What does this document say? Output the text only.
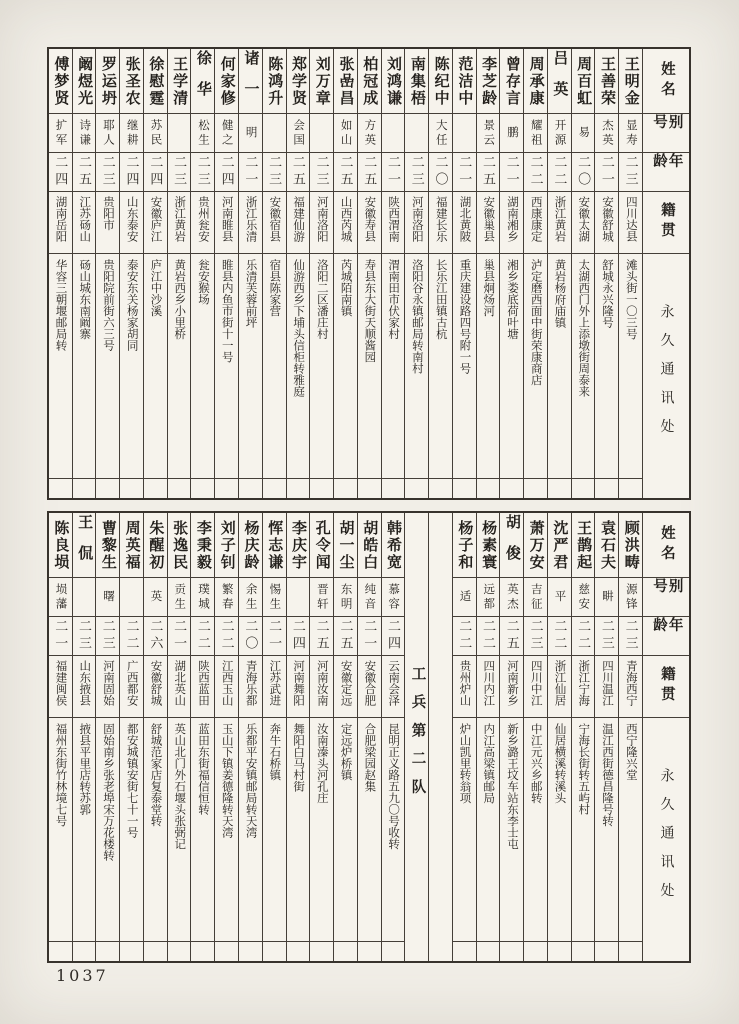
姓名
别号
年龄
籍贯
永久通讯处
王明金
显寿
二三
四川达县
滩头街一〇三号
王善荣
杰英
二一
安徽舒城
舒城永兴隆号
周百虹
易
二〇
安徽太湖
太湖西门外上添墩街周泰来
吕英
开源
二二
浙江黄岩
黄岩杨府庙镇
周承康
耀祖
二二
西康康定
泸定磨西面中街荣康商店
曾存言
鹏
二一
湖南湘乡
湘乡娄底荷叶塘
李芝龄
景云
二五
安徽巢县
巢县炯炀河
范洁中
二一
湖北黄陂
重庆建设路四号附一号
陈纪中
大任
二〇
福建长乐
长乐江田镇古杭
南集梧
二三
河南洛阳
洛阳谷永镇邮局转南村
刘鸿谦
二一
陕西渭南
渭南田市伏家村
柏冠成
方英
二五
安徽寿县
寿县东大街天顺酱园
张嵒昌
如山
二五
山西芮城
芮城陌南镇
刘万章
二三
河南洛阳
洛阳二区潘庄村
郑学贤
会国
二五
福建仙游
仙游西乡下埔头信柜转雅庭
陈鸿升
二三
安徽宿县
宿县陈家营
诸一
明
二一
浙江乐清
乐清芙蓉前坪
何家修
健之
二四
河南睢县
睢县内鱼市街十一号
徐华
松生
二三
贵州瓮安
瓮安猴场
王学清
二三
浙江黄岩
黄岩西乡小里桥
徐慰霆
苏民
二四
安徽庐江
庐江中沙溪
张圣农
继耕
二四
山东泰安
泰安东关杨家胡同
罗运坍
耶人
二三
贵阳市
贵阳院前街六三号
阚煜光
诗谦
二五
江苏砀山
砀山城东南阚寨
傅梦贤
扩军
二四
湖南岳阳
华容三朝堰邮局转
姓名
别号
年龄
籍贯
永久通讯处
顾洪畴
源锋
二三
青海西宁
西宁隆兴堂
袁石夫
畊
二三
四川温江
温江西街德昌隆号转
王鹊起
慈安
二二
浙江宁海
宁海长街转五屿村
沈严君
平
二二
浙江仙居
仙居横溪转溪头
萧万安
吉征
二三
四川中江
中江元兴乡邮转
胡俊
英杰
二五
河南新乡
新乡潞王坟车站东李士屯
杨素寰
远都
二二
四川内江
内江高梁镇邮局
杨子和
适
二二
贵州炉山
炉山凯里转翁项
工兵第二队
韩希宽
慕容
二四
云南会泽
昆明正义路五九〇号收转
胡皓白
纯音
二一
安徽合肥
合肥梁园赵集
胡一尘
东明
二五
安徽定远
定远炉桥镇
孔令闻
晋轩
二五
河南汝南
汝南溱头河孔庄
李庆宇
二四
河南舞阳
舞阳白马村街
恽志谦
惕生
二一
江苏武进
奔牛石桥镇
杨庆龄
余生
二〇
青海乐都
乐都平安镇邮局转天湾
刘子钊
繁春
二二
江西玉山
玉山下镇姜德隆转天湾
李秉毅
璞城
二二
陕西蓝田
蓝田东街福信恒转
张逸民
贡生
二一
湖北英山
英山北门外石堰头张弼记
朱醒初
英
二六
安徽舒城
舒城范家店复泰堂转
周英福
二二
广西都安
都安城镇安街七十一号
曹黎生
曙
二三
河南固始
固始南乡张老埠宋万花楼转
王侃
二三
山东掖县
掖县平里店转苏郭
陈良埙
埙藩
二一
福建闽侯
福州东街竹林境七号
1037
